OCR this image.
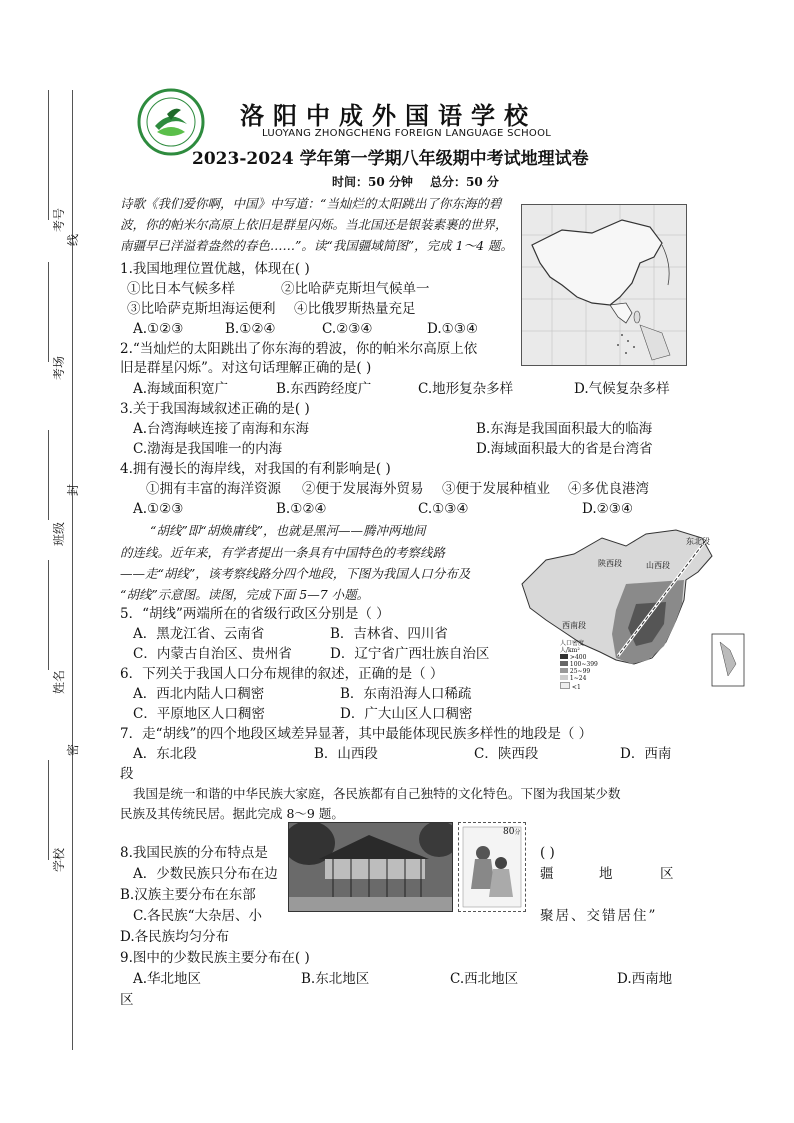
考号
线
考场
封
班级
姓名
密
学校
洛阳中成外国语学校
LUOYANG ZHONGCHENG FOREIGN LANGUAGE SCHOOL
2023-2024 学年第一学期八年级期中考试地理试卷
时间：50 分钟 总分：50 分
诗歌《我们爱你啊，中国》中写道：“当灿烂的太阳跳出了你东海的碧波，你的帕米尔高原上依旧是群星闪烁。当北国还是银装素裹的世界，南疆早已洋溢着盎然的春色……”。读“我国疆域简图”，完成 1～4 题。
1.我国地理位置优越，体现在( )
①比日本气候多样	②比哈萨克斯坦气候单一
③比哈萨克斯坦海运便利 ④比俄罗斯热量充足
A.①②③	B.①②④	C.②③④	D.①③④
2.“当灿烂的太阳跳出了你东海的碧波，你的帕米尔高原上依
旧是群星闪烁”。对这句话理解正确的是( )
A.海域面积宽广	B.东西跨经度广	C.地形复杂多样	D.气候复杂多样
3.关于我国海域叙述正确的是( )
A.台湾海峡连接了南海和东海	B.东海是我国面积最大的临海
C.渤海是我国唯一的内海	D.海域面积最大的省是台湾省
4.拥有漫长的海岸线，对我国的有利影响是( )
①拥有丰富的海洋资源 ②便于发展海外贸易 ③便于发展种植业 ④多优良港湾
A.①②③	B.①②④	C.①③④	D.②③④
“胡线”即“胡焕庸线”，也就是黑河——腾冲两地间
的连线。近年来，有学者提出一条具有中国特色的考察线路
——走“胡线”，该考察线路分四个地段，下图为我国人口分布及
“胡线”示意图。读图，完成下面 5—7 小题。
东北段
山西段
陕西段
西南段
人口密度
人/km²
>400
100~399
25~99
1~24
<1
5．“胡线”两端所在的省级行政区分别是（ ）
A．黑龙江省、云南省	B．吉林省、四川省
C．内蒙古自治区、贵州省	D．辽宁省广西壮族自治区
6．下列关于我国人口分布规律的叙述，正确的是（ ）
A．西北内陆人口稠密	B．东南沿海人口稀疏
C．平原地区人口稠密	D．广大山区人口稠密
7．走“胡线”的四个地段区域差异显著，其中最能体现民族多样性的地段是（ ）
A．东北段	B．山西段	C．陕西段	D．西南
段
我国是统一和谐的中华民族大家庭，各民族都有自己独特的文化特色。下图为我国某少数
民族及其传统民居。据此完成 8～9 题。
80分
8.我国民族的分布特点是	( )
A．少数民族只分布在边	疆	地	区
B.汉族主要分布在东部
C.各民族“大杂居、小	聚居、交错居住”
D.各民族均匀分布
9.图中的少数民族主要分布在( )
A.华北地区	B.东北地区	C.西北地区	D.西南地
区
